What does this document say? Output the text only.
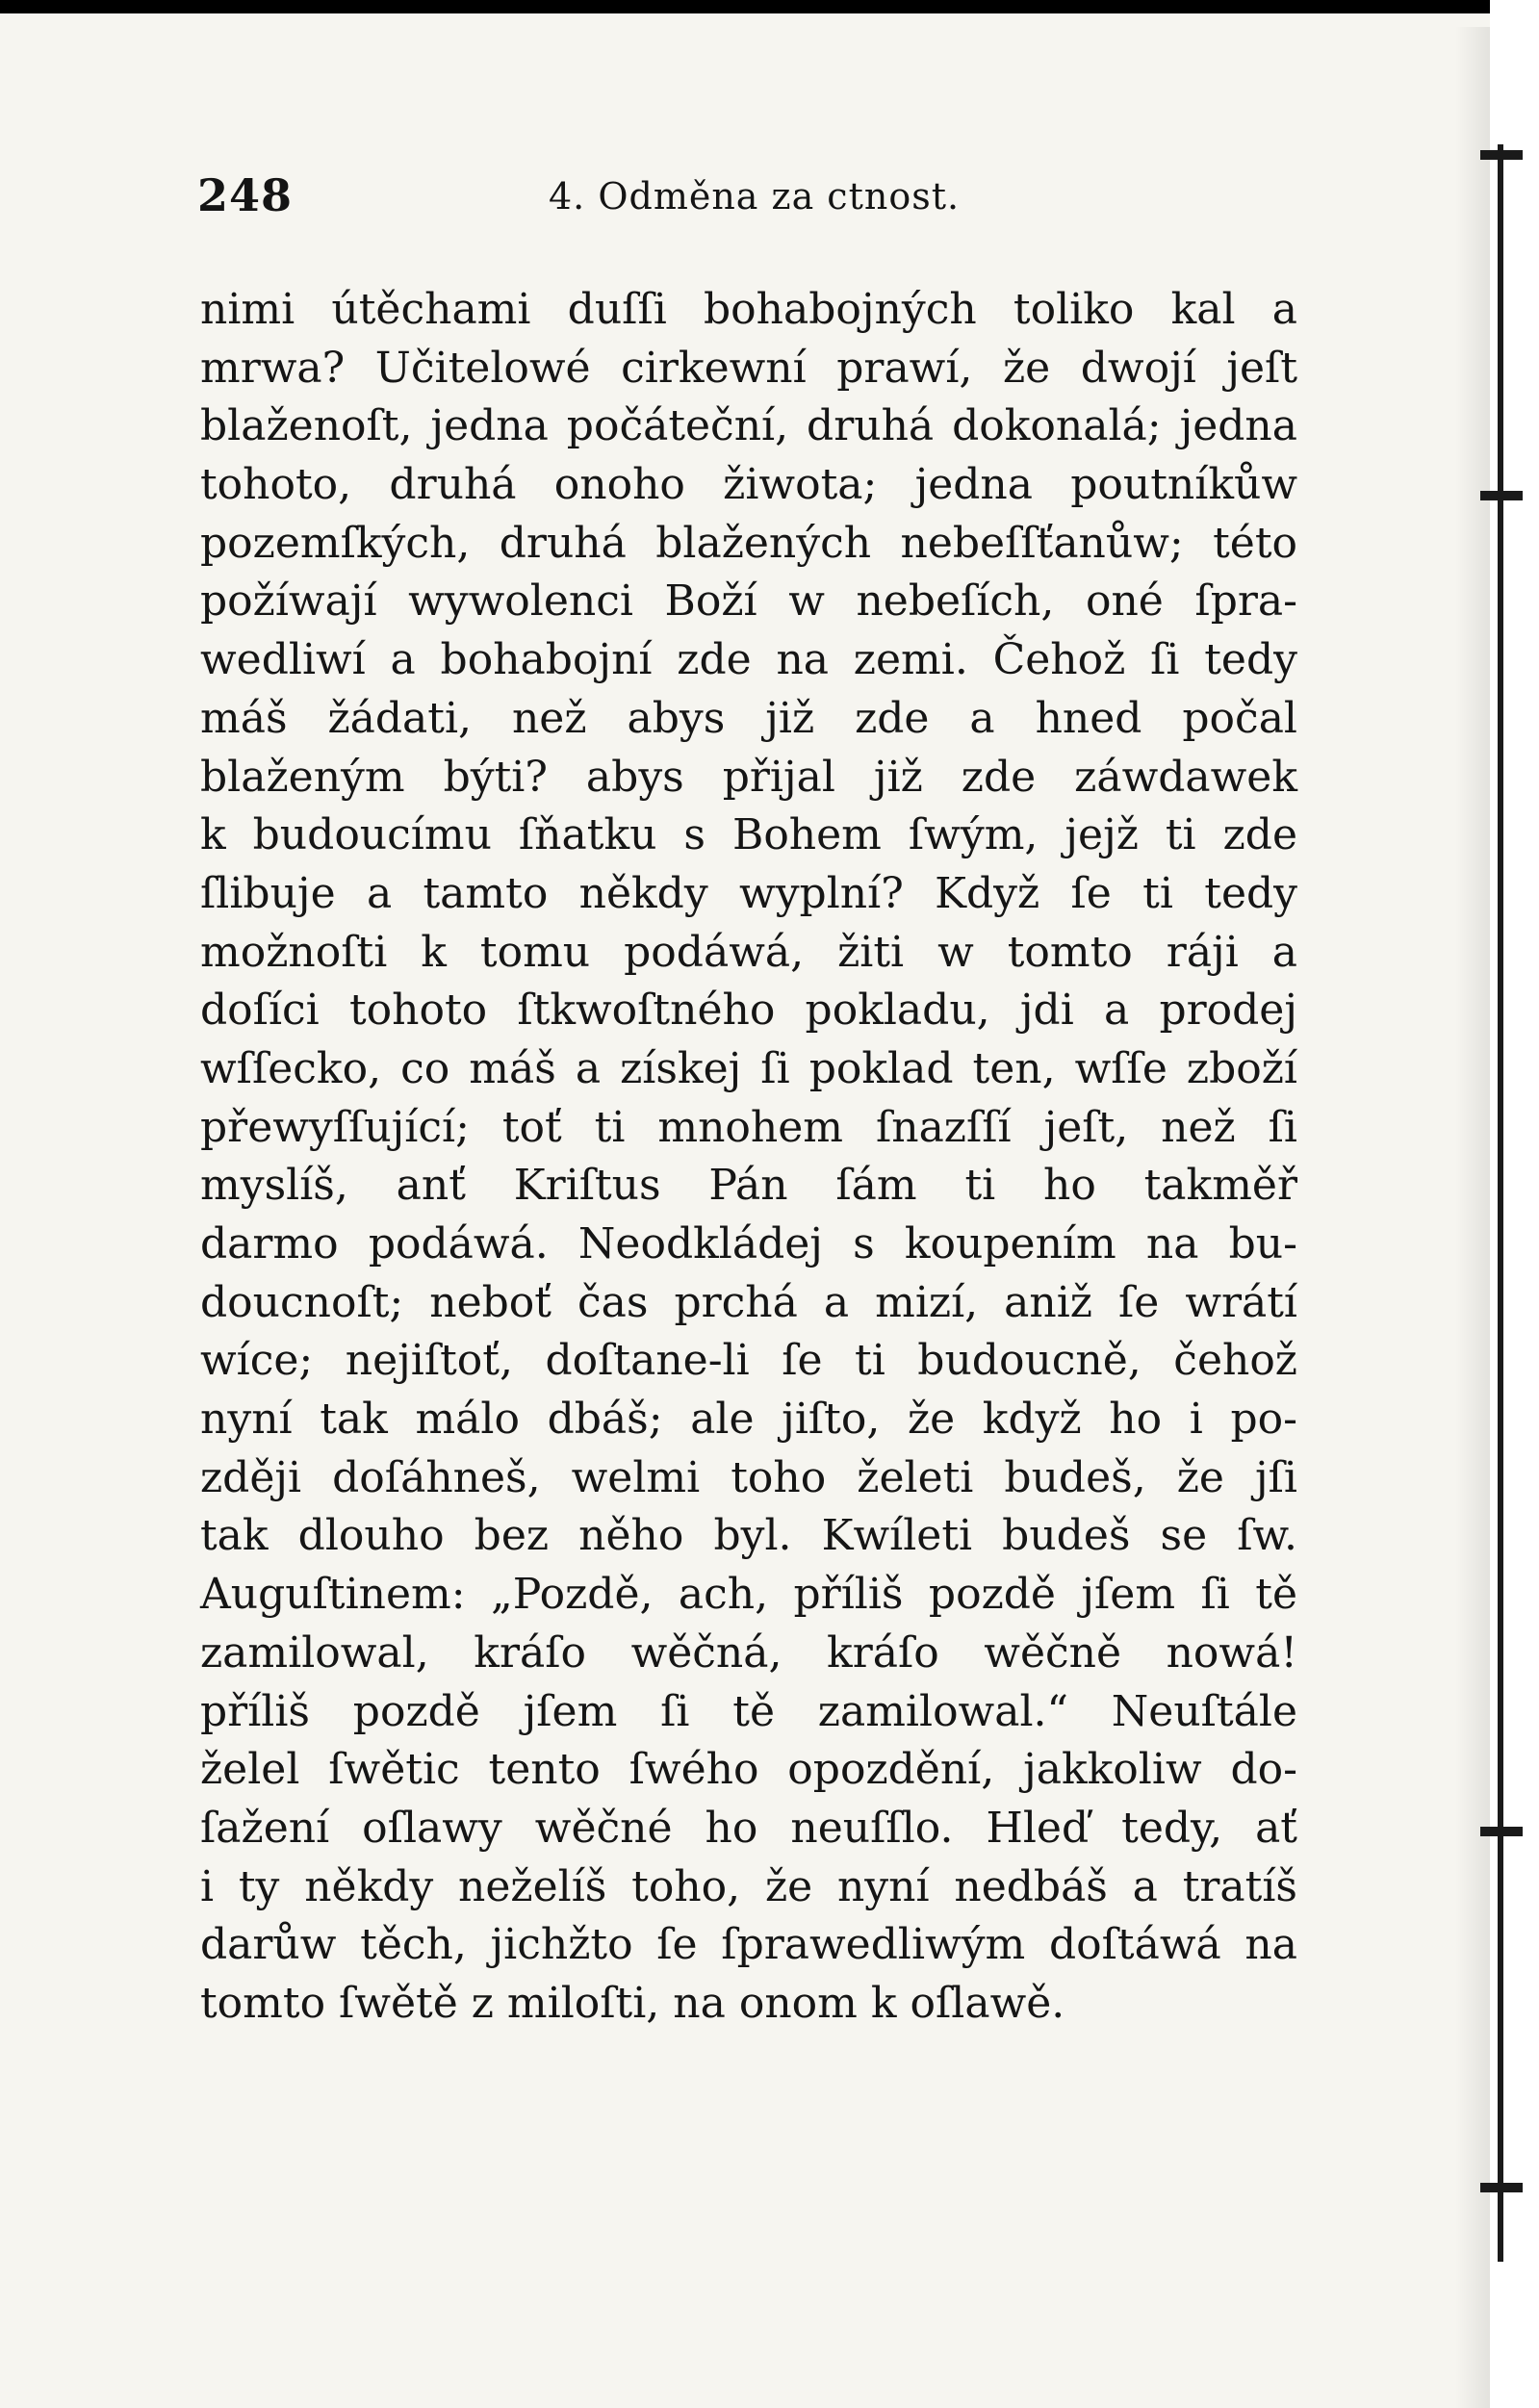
248	4. Odměna za ctnost.
nimi útěchami duſſi bohabojných toliko kal a
mrwa? Učitelowé cirkewní prawí, že dwojí jeſt
blaženoſt, jedna počáteční, druhá dokonalá; jedna
tohoto, druhá onoho žiwota; jedna poutníkůw
pozemſkých, druhá blažených nebeſſťanůw; této
požíwají wywolenci Boží w nebeſích, oné ſpra-
wedliwí a bohabojní zde na zemi. Čehož ſi tedy
máš žádati, než abys již zde a hned počal
blaženým býti? abys přijal již zde záwdawek
k budoucímu ſňatku s Bohem ſwým, jejž ti zde
ſlibuje a tamto někdy wyplní? Když ſe ti tedy
možnoſti k tomu podáwá, žiti w tomto ráji a
doſíci tohoto ſtkwoſtného pokladu, jdi a prodej
wſſecko, co máš a získej ſi poklad ten, wſſe zboží
přewyſſující; toť ti mnohem ſnazſſí jeſt, než ſi
myslíš, anť Kriſtus Pán ſám ti ho takměř
darmo podáwá. Neodkládej s koupením na bu-
doucnoſt; neboť čas prchá a mizí, aniž ſe wrátí
wíce; nejiſtoť, doſtane-li ſe ti budoucně, čehož
nyní tak málo dbáš; ale jiſto, že když ho i po-
zději doſáhneš, welmi toho želeti budeš, že jſi
tak dlouho bez něho byl. Kwíleti budeš se ſw.
Auguſtinem: „Pozdě, ach, příliš pozdě jſem ſi tě
zamilowal, kráſo wěčná, kráſo wěčně nowá!
příliš pozdě jſem ſi tě zamilowal.“ Neuſtále
želel ſwětic tento ſwého opozdění, jakkoliw do-
ſažení oſlawy wěčné ho neuſſlo. Hleď tedy, ať
i ty někdy neželíš toho, že nyní nedbáš a tratíš
darůw těch, jichžto ſe ſprawedliwým doſtáwá na
tomto ſwětě z miloſti, na onom k oſlawě.
